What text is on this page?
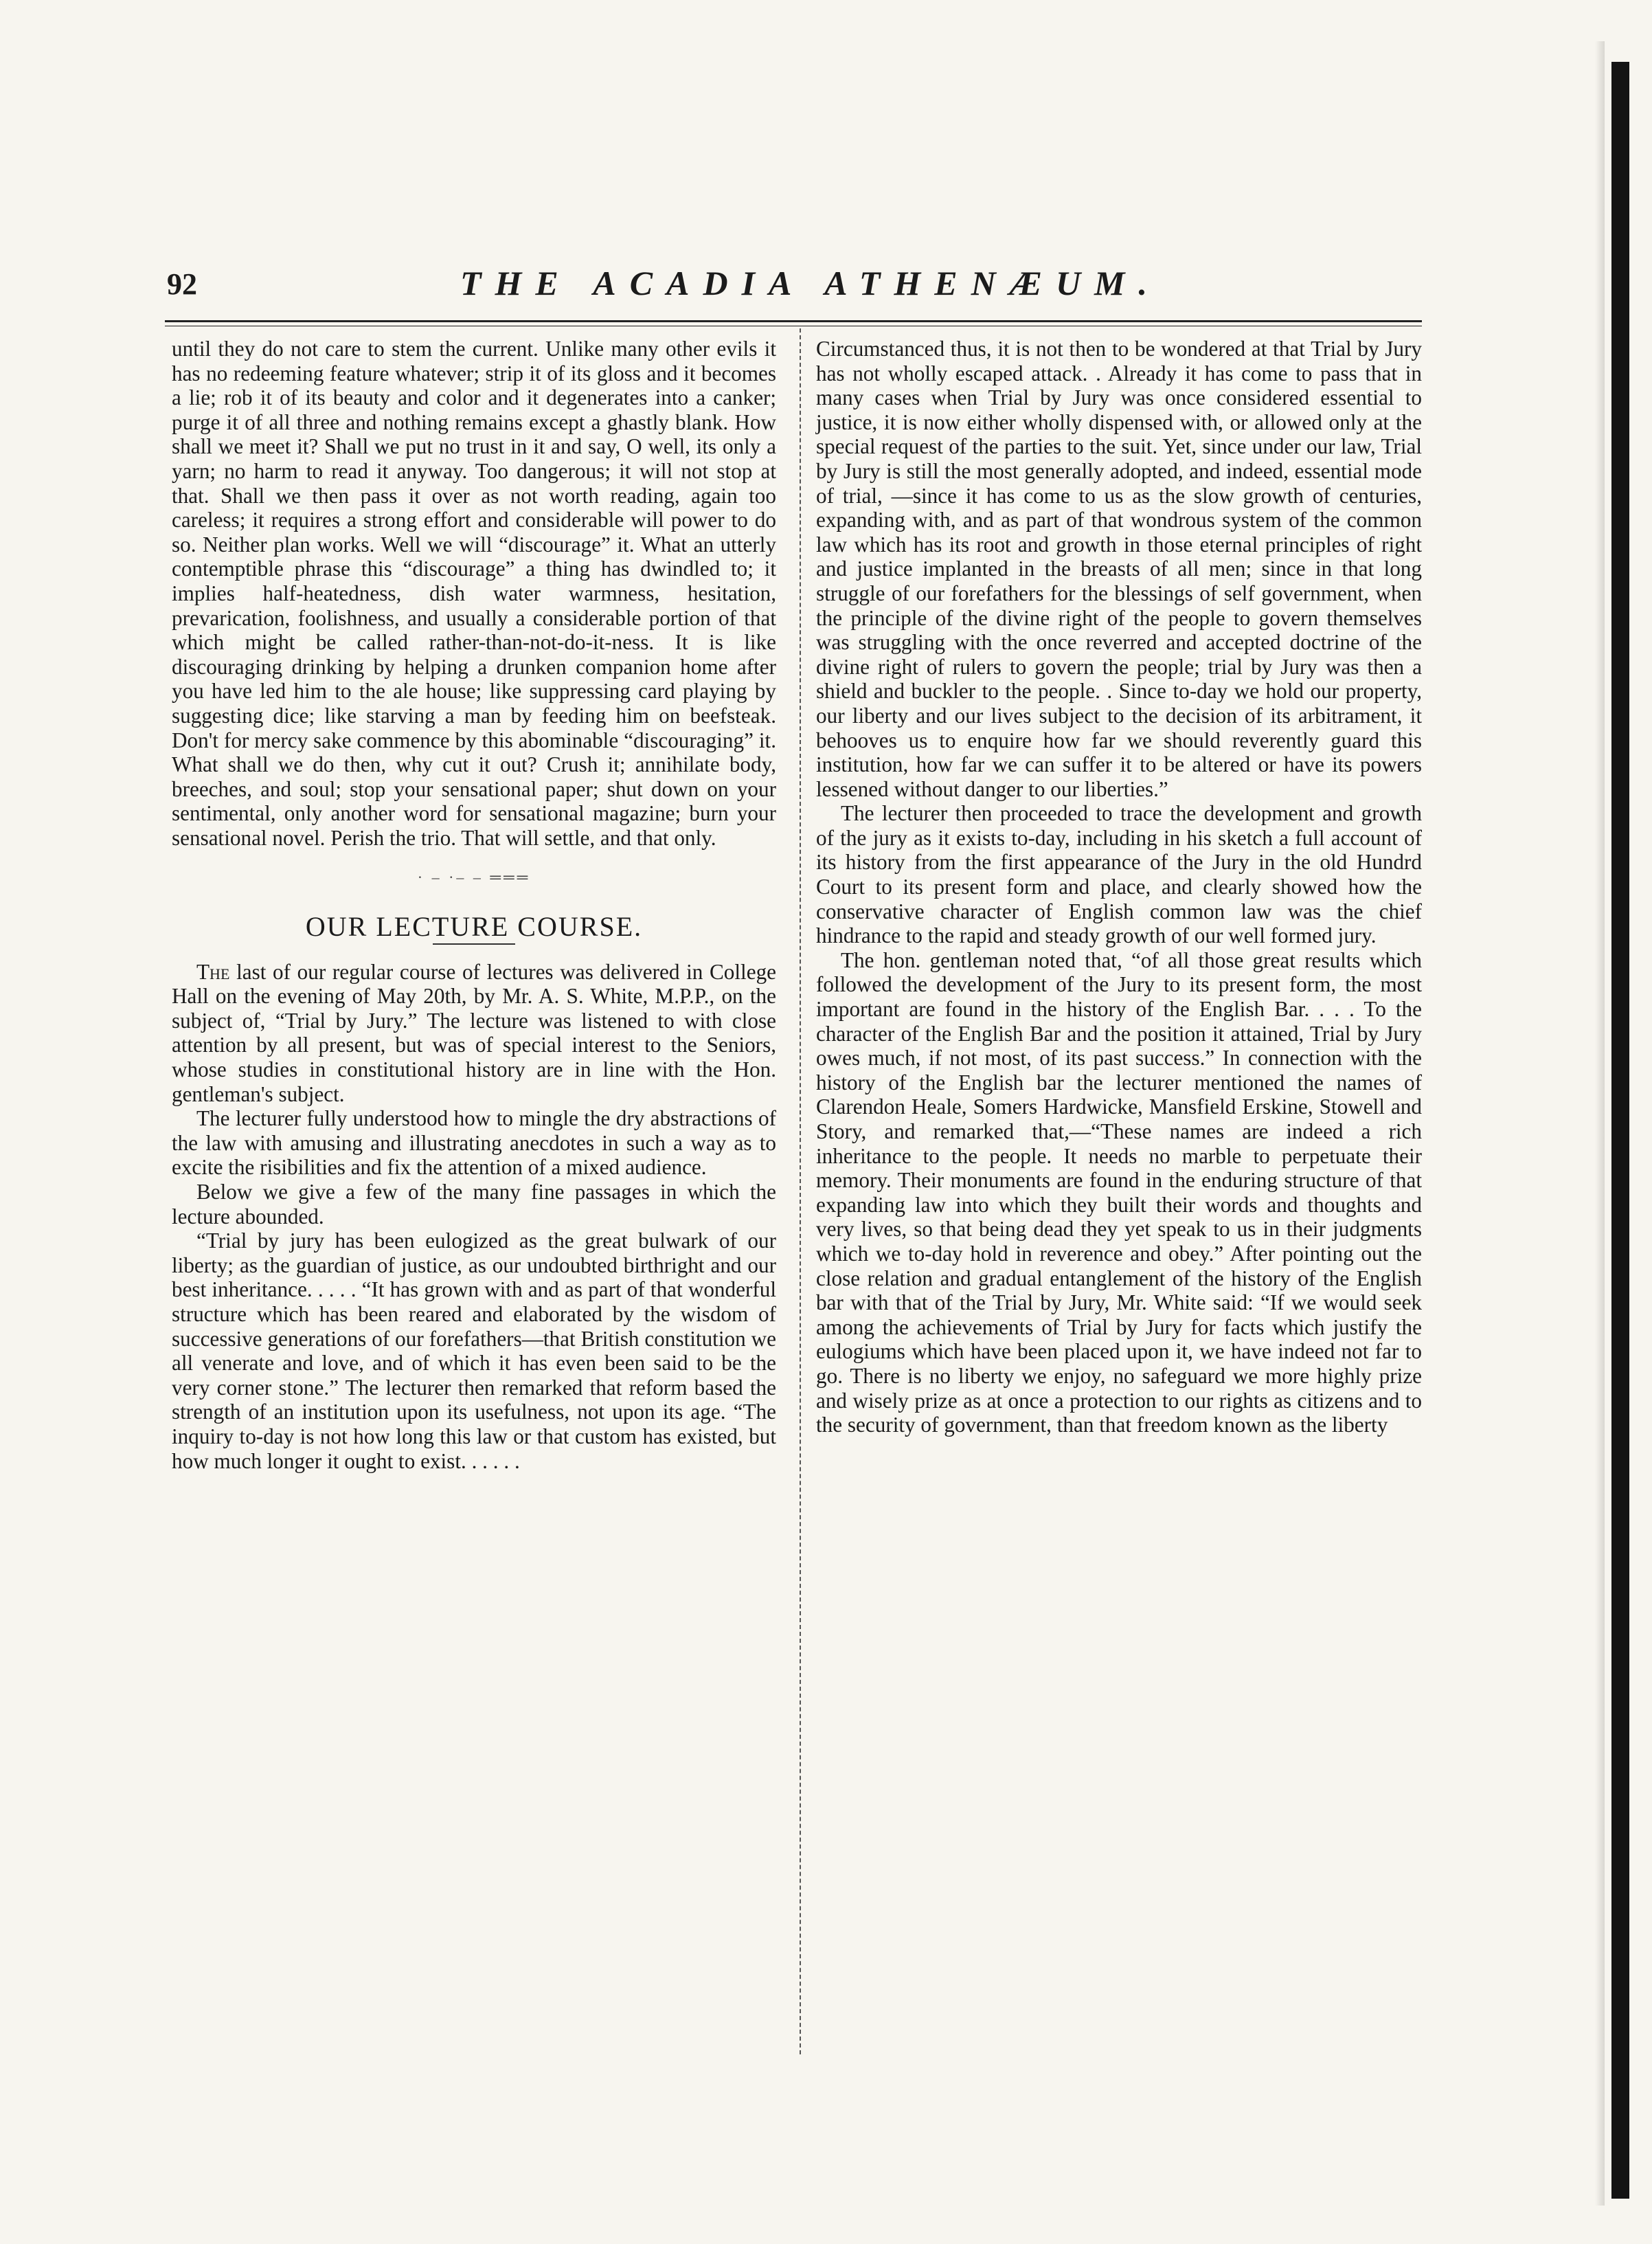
92	THE ACADIA ATHENÆUM.

until they do not care to stem the current. Unlike many other evils it has no redeeming feature whatever; strip it of its gloss and it becomes a lie; rob it of its beauty and color and it degenerates into a canker; purge it of all three and nothing remains except a ghastly blank. How shall we meet it? Shall we put no trust in it and say, O well, its only a yarn; no harm to read it anyway. Too dangerous; it will not stop at that. Shall we then pass it over as not worth reading, again too careless; it requires a strong effort and considerable will power to do so. Neither plan works. Well we will “discourage” it. What an utterly contemptible phrase this “discourage” a thing has dwindled to; it implies half-heatedness, dish water warmness, hesitation, prevarication, foolishness, and usually a considerable portion of that which might be called rather-than-not-do-it-ness. It is like discouraging drinking by helping a drunken companion home after you have led him to the ale house; like suppressing card playing by suggesting dice; like starving a man by feeding him on beefsteak. Don't for mercy sake commence by this abominable “discouraging” it. What shall we do then, why cut it out? Crush it; annihilate body, breeches, and soul; stop your sensational paper; shut down on your sentimental, only another word for sensational magazine; burn your sensational novel. Perish the trio. That will settle, and that only.

· ‒ ·‒ ‒ ═══
OUR LECTURE COURSE.

The last of our regular course of lectures was delivered in College Hall on the evening of May 20th, by Mr. A. S. White, M.P.P., on the subject of, “Trial by Jury.” The lecture was listened to with close attention by all present, but was of special interest to the Seniors, whose studies in constitutional history are in line with the Hon. gentleman's subject.

The lecturer fully understood how to mingle the dry abstractions of the law with amusing and illustrating anecdotes in such a way as to excite the risibilities and fix the attention of a mixed audience.

Below we give a few of the many fine passages in which the lecture abounded.

“Trial by jury has been eulogized as the great bulwark of our liberty; as the guardian of justice, as our undoubted birthright and our best inheritance. . . . . “It has grown with and as part of that wonderful structure which has been reared and elaborated by the wisdom of successive generations of our forefathers—that British constitution we all venerate and love, and of which it has even been said to be the very corner stone.” The lecturer then remarked that reform based the strength of an institution upon its usefulness, not upon its age. “The inquiry to-day is not how long this law or that custom has existed, but how much longer it ought to exist. . . . . .

Circumstanced thus, it is not then to be wondered at that Trial by Jury has not wholly escaped attack. . Already it has come to pass that in many cases when Trial by Jury was once considered essential to justice, it is now either wholly dispensed with, or allowed only at the special request of the parties to the suit. Yet, since under our law, Trial by Jury is still the most generally adopted, and indeed, essential mode of trial, —since it has come to us as the slow growth of centuries, expanding with, and as part of that wondrous system of the common law which has its root and growth in those eternal principles of right and justice implanted in the breasts of all men; since in that long struggle of our forefathers for the blessings of self government, when the principle of the divine right of the people to govern themselves was struggling with the once reverred and accepted doctrine of the divine right of rulers to govern the people; trial by Jury was then a shield and buckler to the people. . Since to-day we hold our property, our liberty and our lives subject to the decision of its arbitrament, it behooves us to enquire how far we should reverently guard this institution, how far we can suffer it to be altered or have its powers lessened without danger to our liberties.”

The lecturer then proceeded to trace the development and growth of the jury as it exists to-day, including in his sketch a full account of its history from the first appearance of the Jury in the old Hundrd Court to its present form and place, and clearly showed how the conservative character of English common law was the chief hindrance to the rapid and steady growth of our well formed jury.

The hon. gentleman noted that, “of all those great results which followed the development of the Jury to its present form, the most important are found in the history of the English Bar. . . . To the character of the English Bar and the position it attained, Trial by Jury owes much, if not most, of its past success.” In connection with the history of the English bar the lecturer mentioned the names of Clarendon Heale, Somers Hardwicke, Mansfield Erskine, Stowell and Story, and remarked that,—“These names are indeed a rich inheritance to the people. It needs no marble to perpetuate their memory. Their monuments are found in the enduring structure of that expanding law into which they built their words and thoughts and very lives, so that being dead they yet speak to us in their judgments which we to-day hold in reverence and obey.” After pointing out the close relation and gradual entanglement of the history of the English bar with that of the Trial by Jury, Mr. White said: “If we would seek among the achievements of Trial by Jury for facts which justify the eulogiums which have been placed upon it, we have indeed not far to go. There is no liberty we enjoy, no safeguard we more highly prize and wisely prize as at once a protection to our rights as citizens and to the security of government, than that freedom known as the liberty
